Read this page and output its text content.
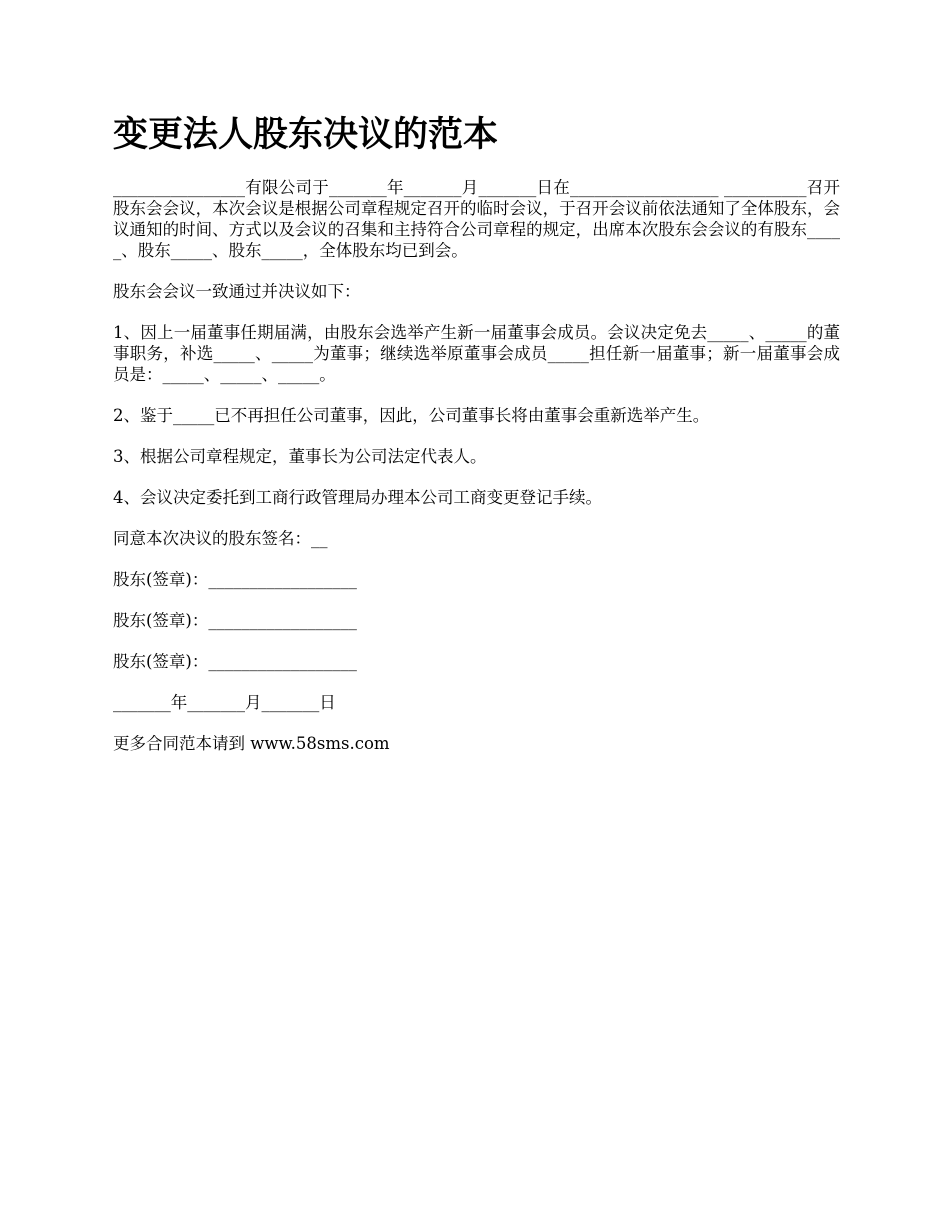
变更法人股东决议的范本

________________有限公司于_______年_______月_______日在__________________ __________召开股东会会议，本次会议是根据公司章程规定召开的临时会议，于召开会议前依法通知了全体股东，会议通知的时间、方式以及会议的召集和主持符合公司章程的规定，出席本次股东会会议的有股东_____、股东_____、股东_____，全体股东均已到会。

股东会会议一致通过并决议如下：

1、因上一届董事任期届满，由股东会选举产生新一届董事会成员。会议决定免去_____、_____的董事职务，补选_____、_____为董事；继续选举原董事会成员_____担任新一届董事；新一届董事会成员是：_____、_____、_____。

2、鉴于_____已不再担任公司董事，因此，公司董事长将由董事会重新选举产生。

3、根据公司章程规定，董事长为公司法定代表人。

4、会议决定委托到工商行政管理局办理本公司工商变更登记手续。

同意本次决议的股东签名：__

股东(签章)：__________________

股东(签章)：__________________

股东(签章)：__________________

_______年_______月_______日

更多合同范本请到 www.58sms.com
